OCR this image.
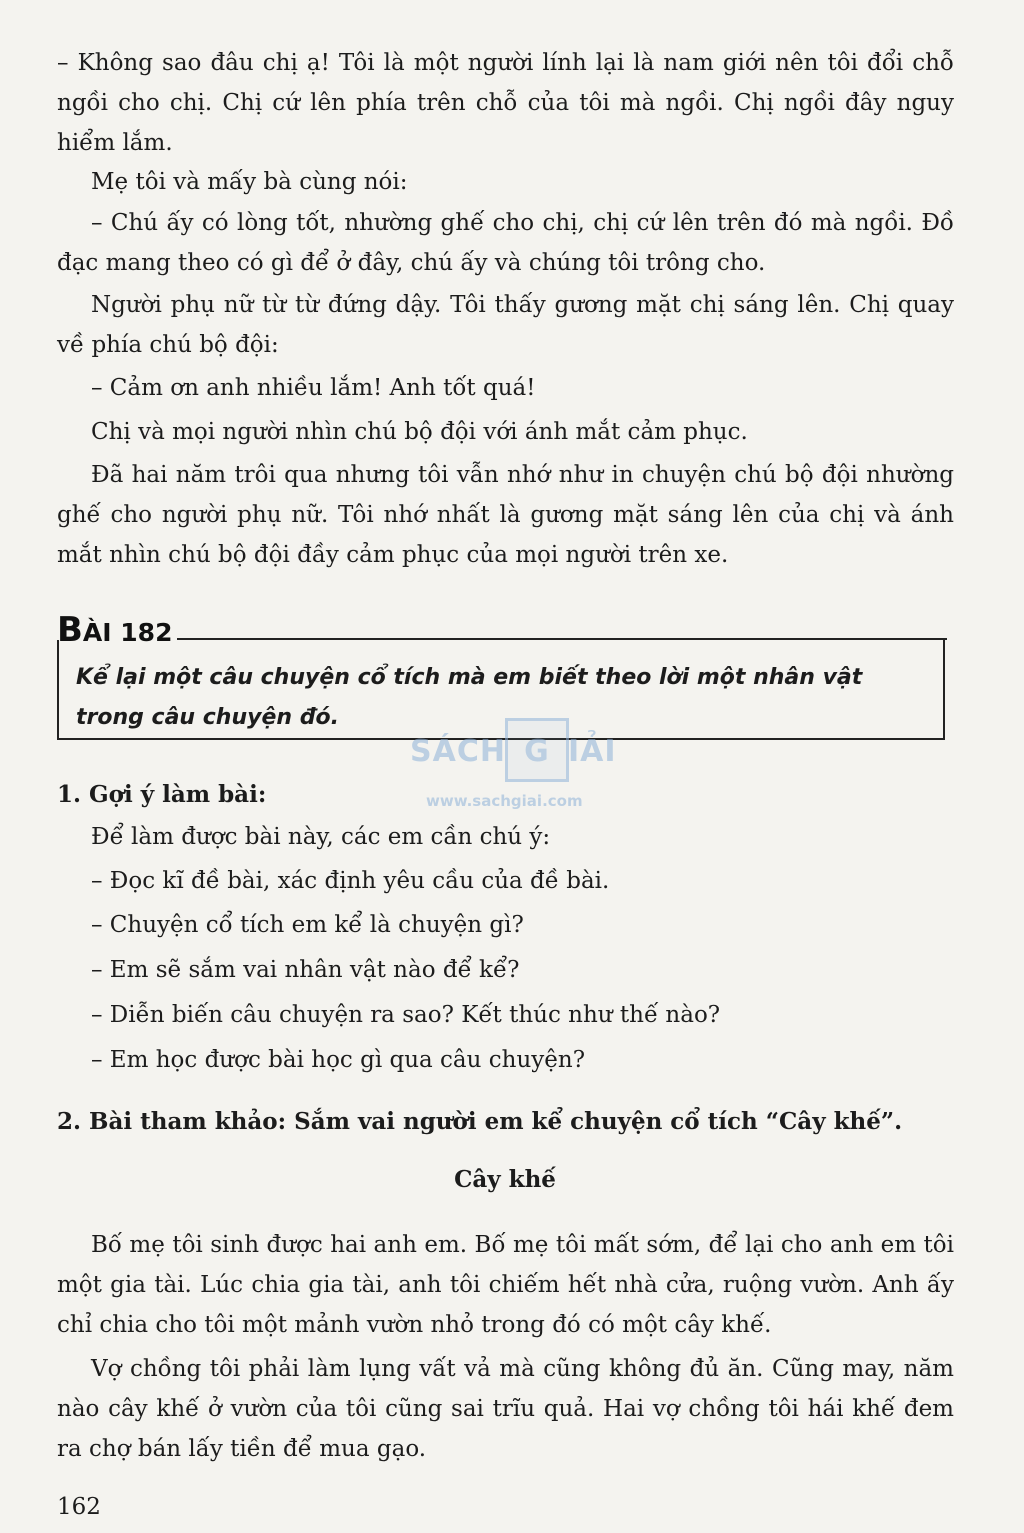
– Không sao đâu chị ạ! Tôi là một người lính lại là nam giới nên tôi đổi chỗ ngồi cho chị. Chị cứ lên phía trên chỗ của tôi mà ngồi. Chị ngồi đây nguy hiểm lắm.

Mẹ tôi và mấy bà cùng nói:

– Chú ấy có lòng tốt, nhường ghế cho chị, chị cứ lên trên đó mà ngồi. Đồ đạc mang theo có gì để ở đây, chú ấy và chúng tôi trông cho.

Người phụ nữ từ từ đứng dậy. Tôi thấy gương mặt chị sáng lên. Chị quay về phía chú bộ đội:

– Cảm ơn anh nhiều lắm! Anh tốt quá!

Chị và mọi người nhìn chú bộ đội với ánh mắt cảm phục.

Đã hai năm trôi qua nhưng tôi vẫn nhớ như in chuyện chú bộ đội nhường ghế cho người phụ nữ. Tôi nhớ nhất là gương mặt sáng lên của chị và ánh mắt nhìn chú bộ đội đầy cảm phục của mọi người trên xe.

BÀI 182
Kể lại một câu chuyện cổ tích mà em biết theo lời một nhân vật trong câu chuyện đó.
SÁCH G IẢI
www.sachgiai.com

1. Gợi ý làm bài:

Để làm được bài này, các em cần chú ý:

– Đọc kĩ đề bài, xác định yêu cầu của đề bài.

– Chuyện cổ tích em kể là chuyện gì?

– Em sẽ sắm vai nhân vật nào để kể?

– Diễn biến câu chuyện ra sao? Kết thúc như thế nào?

– Em học được bài học gì qua câu chuyện?

2. Bài tham khảo: Sắm vai người em kể chuyện cổ tích “Cây khế”.

Cây khế

Bố mẹ tôi sinh được hai anh em. Bố mẹ tôi mất sớm, để lại cho anh em tôi một gia tài. Lúc chia gia tài, anh tôi chiếm hết nhà cửa, ruộng vườn. Anh ấy chỉ chia cho tôi một mảnh vườn nhỏ trong đó có một cây khế.

Vợ chồng tôi phải làm lụng vất vả mà cũng không đủ ăn. Cũng may, năm nào cây khế ở vườn của tôi cũng sai trĩu quả. Hai vợ chồng tôi hái khế đem ra chợ bán lấy tiền để mua gạo.

162
